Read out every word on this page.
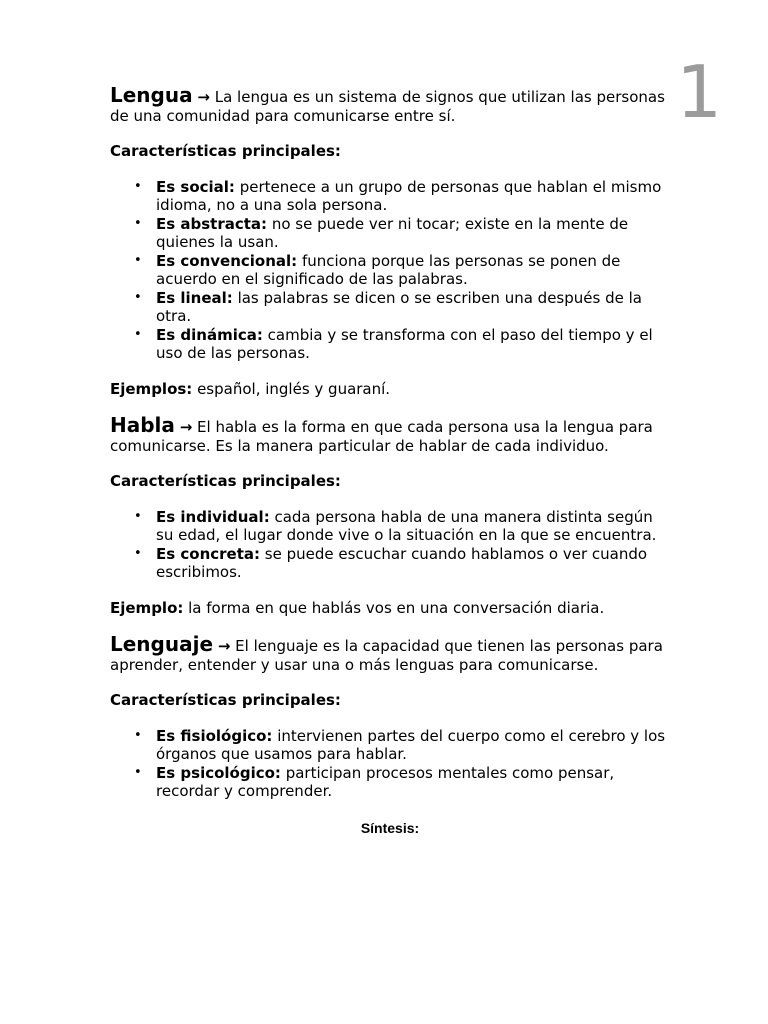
1

Lengua → La lengua es un sistema de signos que utilizan las personas de una comunidad para comunicarse entre sí.

Características principales:

• Es social: pertenece a un grupo de personas que hablan el mismo idioma, no a una sola persona.
• Es abstracta: no se puede ver ni tocar; existe en la mente de quienes la usan.
• Es convencional: funciona porque las personas se ponen de acuerdo en el significado de las palabras.
• Es lineal: las palabras se dicen o se escriben una después de la otra.
• Es dinámica: cambia y se transforma con el paso del tiempo y el uso de las personas.

Ejemplos: español, inglés y guaraní.

Habla → El habla es la forma en que cada persona usa la lengua para comunicarse. Es la manera particular de hablar de cada individuo.

Características principales:

• Es individual: cada persona habla de una manera distinta según su edad, el lugar donde vive o la situación en la que se encuentra.
• Es concreta: se puede escuchar cuando hablamos o ver cuando escribimos.

Ejemplo: la forma en que hablás vos en una conversación diaria.

Lenguaje → El lenguaje es la capacidad que tienen las personas para aprender, entender y usar una o más lenguas para comunicarse.

Características principales:

• Es fisiológico: intervienen partes del cuerpo como el cerebro y los órganos que usamos para hablar.
• Es psicológico: participan procesos mentales como pensar, recordar y comprender.

Síntesis:
